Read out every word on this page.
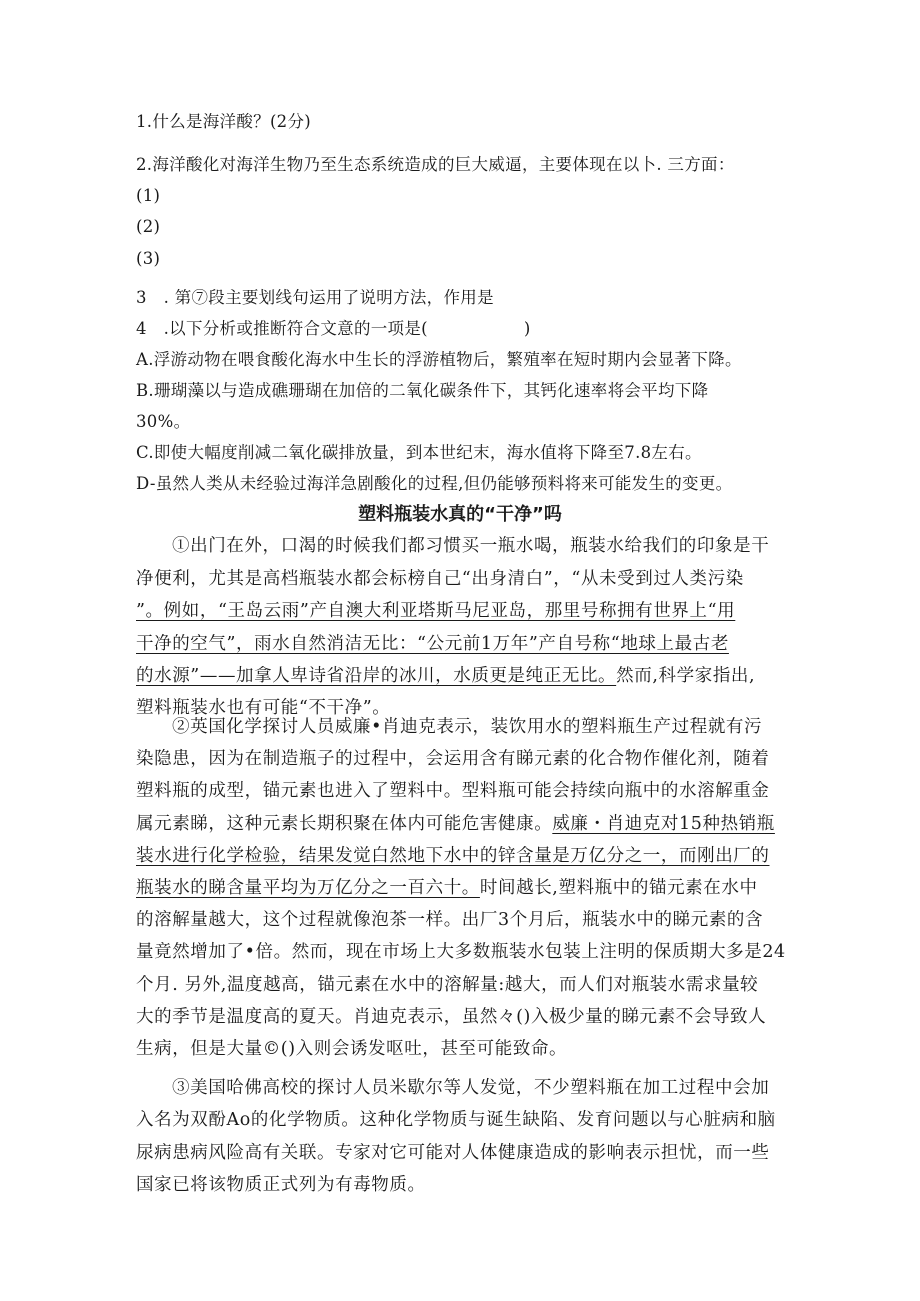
1.什么是海洋酸？(2分)
2.海洋酸化对海洋生物乃至生态系统造成的巨大威逼，主要体现在以卜. 三方面：
(1)
(2)
(3)
3　. 第⑦段主要划线句运用了说明方法，作用是
4　.以下分析或推断符合文意的一项是(	)
A.浮游动物在喂食酸化海水中生长的浮游植物后，繁殖率在短时期内会显著下降。
B.珊瑚藻以与造成礁珊瑚在加倍的二氧化碳条件下，其钙化速率将会平均下降
30%。
C.即使大幅度削减二氧化碳排放量，到本世纪末，海水值将下降至7.8左右。
D-虽然人类从未经验过海洋急剧酸化的过程,但仍能够预料将来可能发生的变更。
塑料瓶装水真的“干净”吗
①出门在外，口渴的时候我们都习惯买一瓶水喝，瓶装水给我们的印象是干
净便利，尤其是高档瓶装水都会标榜自己“出身清白”，“从未受到过人类污染
”。例如，“王岛云雨”产自澳大利亚塔斯马尼亚岛，那里号称拥有世界上“用
干净的空气”，雨水自然消洁无比：“公元前1万年”产自号称“地球上最古老
的水源”——加拿人卑诗省沿岸的冰川，水质更是纯正无比。然而,科学家指出,
塑料瓶装水也有可能“不干净”。
②英国化学探讨人员威廉•肖迪克表示，装饮用水的塑料瓶生产过程就有污
染隐患，因为在制造瓶子的过程中，会运用含有睇元素的化合物作催化剂，随着
塑料瓶的成型，锚元素也进入了塑料中。型料瓶可能会持续向瓶中的水溶解重金
属元素睇，这种元素长期积聚在体内可能危害健康。威廉・肖迪克对15种热销瓶
装水进行化学检验，结果发觉白然地下水中的锌含量是万亿分之一，而刚出厂的
瓶装水的睇含量平均为万亿分之一百六十。时间越长,塑料瓶中的锚元素在水中
的溶解量越大，这个过程就像泡茶一样。出厂3个月后，瓶装水中的睇元素的含
量竟然增加了•倍。然而，现在市场上大多数瓶装水包装上注明的保质期大多是24
个月. 另外,温度越高，锚元素在水中的溶解量:越大，而人们对瓶装水需求量较
大的季节是温度高的夏天。肖迪克表示，虽然々()入极少量的睇元素不会导致人
生病，但是大量©()入则会诱发呕吐，甚至可能致命。
③美国哈佛高校的探讨人员米歇尔等人发觉，不少塑料瓶在加工过程中会加
入名为双酚Ao的化学物质。这种化学物质与诞生缺陷、发育问题以与心脏病和脑
尿病患病风险高有关联。专家对它可能对人体健康造成的影响表示担忧，而一些
国家已将该物质正式列为有毒物质。
